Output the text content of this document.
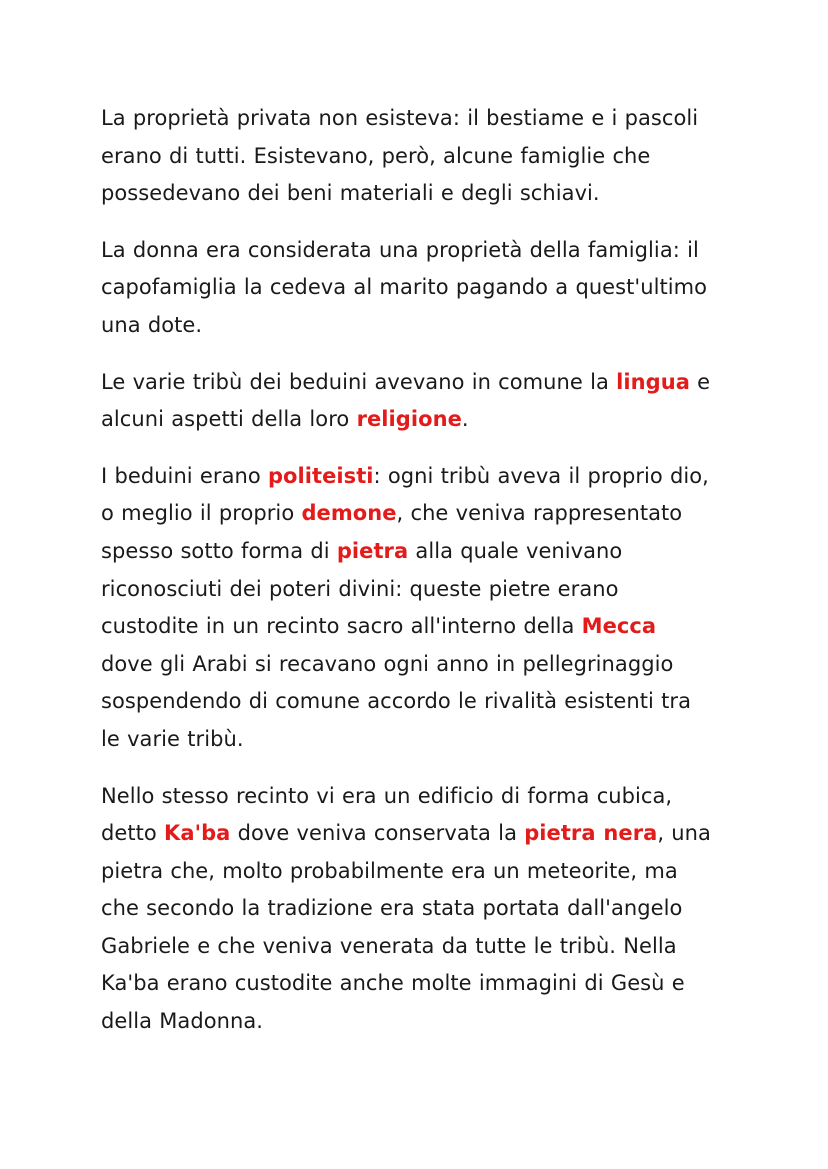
La proprietà privata non esisteva: il bestiame e i pascoli
erano di tutti. Esistevano, però, alcune famiglie che
possedevano dei beni materiali e degli schiavi.

La donna era considerata una proprietà della famiglia: il
capofamiglia la cedeva al marito pagando a quest'ultimo
una dote.

Le varie tribù dei beduini avevano in comune la lingua e
alcuni aspetti della loro religione.

I beduini erano politeisti: ogni tribù aveva il proprio dio,
o meglio il proprio demone, che veniva rappresentato
spesso sotto forma di pietra alla quale venivano
riconosciuti dei poteri divini: queste pietre erano
custodite in un recinto sacro all'interno della Mecca
dove gli Arabi si recavano ogni anno in pellegrinaggio
sospendendo di comune accordo le rivalità esistenti tra
le varie tribù.

Nello stesso recinto vi era un edificio di forma cubica,
detto Ka'ba dove veniva conservata la pietra nera, una
pietra che, molto probabilmente era un meteorite, ma
che secondo la tradizione era stata portata dall'angelo
Gabriele e che veniva venerata da tutte le tribù. Nella
Ka'ba erano custodite anche molte immagini di Gesù e
della Madonna.
